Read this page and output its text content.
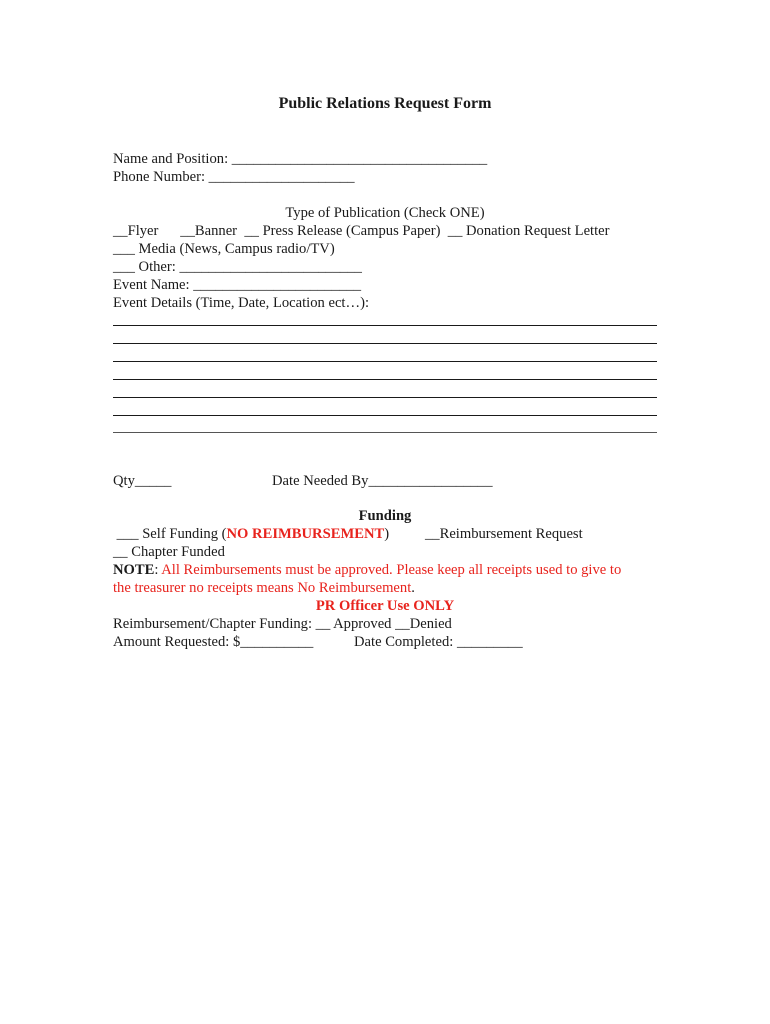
Public Relations Request Form
Name and Position: ___________________________________
Phone Number: ____________________
Type of Publication (Check ONE)
__Flyer      __Banner  __ Press Release (Campus Paper)  __ Donation Request Letter
___ Media (News, Campus radio/TV)
___ Other: _________________________
Event Name: _______________________
Event Details (Time, Date, Location ect…):
Qty_____	Date Needed By_________________
Funding
___ Self Funding (NO REIMBURSEMENT) __Reimbursement Request
__ Chapter Funded
NOTE: All Reimbursements must be approved. Please keep all receipts used to give to
the treasurer no receipts means No Reimbursement.
PR Officer Use ONLY
Reimbursement/Chapter Funding: __ Approved __Denied
Amount Requested: $__________	Date Completed: _________
